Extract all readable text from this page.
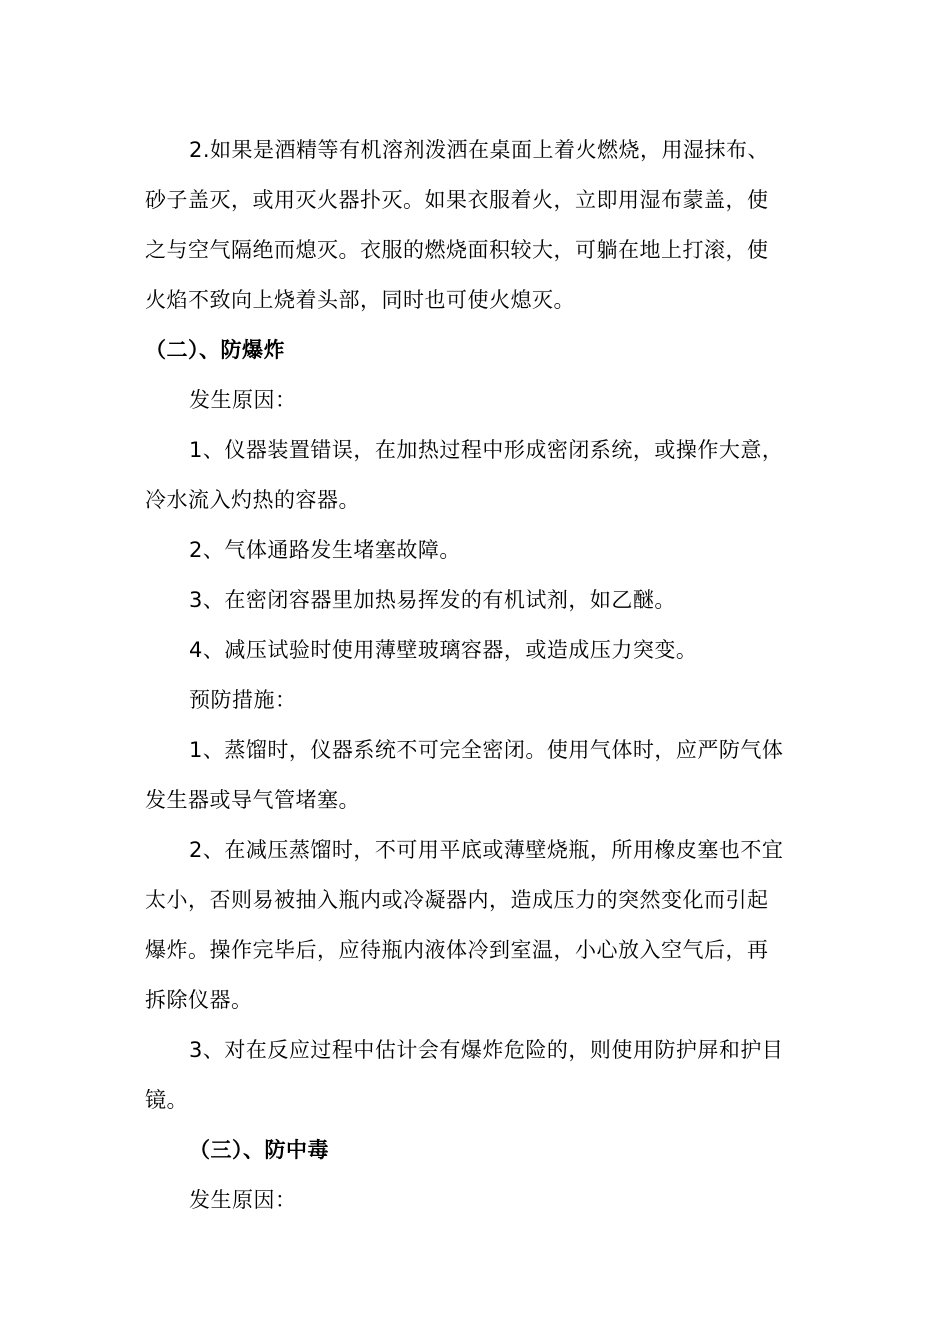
2.如果是酒精等有机溶剂泼洒在桌面上着火燃烧，用湿抹布、
砂子盖灭，或用灭火器扑灭。如果衣服着火，立即用湿布蒙盖，使
之与空气隔绝而熄灭。衣服的燃烧面积较大，可躺在地上打滚，使
火焰不致向上烧着头部，同时也可使火熄灭。
（二）、防爆炸
发生原因：
1、仪器装置错误，在加热过程中形成密闭系统，或操作大意，
冷水流入灼热的容器。
2、气体通路发生堵塞故障。
3、在密闭容器里加热易挥发的有机试剂，如乙醚。
4、减压试验时使用薄壁玻璃容器，或造成压力突变。
预防措施：
1、蒸馏时，仪器系统不可完全密闭。使用气体时，应严防气体
发生器或导气管堵塞。
2、在减压蒸馏时，不可用平底或薄壁烧瓶，所用橡皮塞也不宜
太小，否则易被抽入瓶内或冷凝器内，造成压力的突然变化而引起
爆炸。操作完毕后，应待瓶内液体冷到室温，小心放入空气后，再
拆除仪器。
3、对在反应过程中估计会有爆炸危险的，则使用防护屏和护目
镜。
（三）、防中毒
发生原因：
